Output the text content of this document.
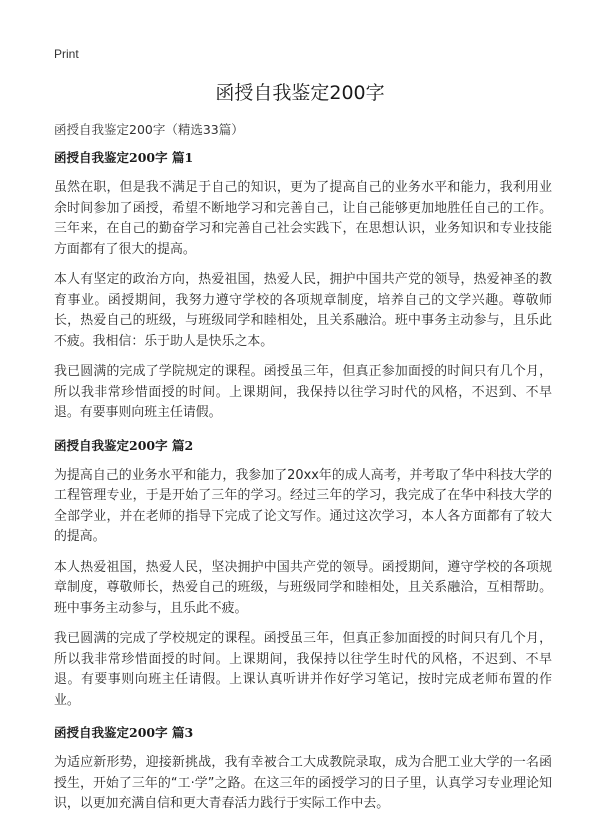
Print
函授自我鉴定200字

函授自我鉴定200字（精选33篇）

函授自我鉴定200字 篇1

虽然在职，但是我不满足于自己的知识，更为了提高自己的业务水平和能力，我利用业余时间参加了函授，希望不断地学习和完善自己，让自己能够更加地胜任自己的工作。三年来，在自己的勤奋学习和完善自己社会实践下，在思想认识，业务知识和专业技能方面都有了很大的提高。

本人有坚定的政治方向，热爱祖国，热爱人民，拥护中国共产党的领导，热爱神圣的教育事业。函授期间，我努力遵守学校的各项规章制度，培养自己的文学兴趣。尊敬师长，热爱自己的班级，与班级同学和睦相处，且关系融洽。班中事务主动参与，且乐此不疲。我相信：乐于助人是快乐之本。

我已圆满的完成了学院规定的课程。函授虽三年，但真正参加面授的时间只有几个月，所以我非常珍惜面授的时间。上课期间，我保持以往学习时代的风格，不迟到、不早退。有要事则向班主任请假。

函授自我鉴定200字 篇2

为提高自己的业务水平和能力，我参加了20xx年的成人高考，并考取了华中科技大学的工程管理专业，于是开始了三年的学习。经过三年的学习，我完成了在华中科技大学的全部学业，并在老师的指导下完成了论文写作。通过这次学习，本人各方面都有了较大的提高。

本人热爱祖国，热爱人民，坚决拥护中国共产党的领导。函授期间，遵守学校的各项规章制度，尊敬师长，热爱自己的班级，与班级同学和睦相处，且关系融洽，互相帮助。班中事务主动参与，且乐此不疲。

我已圆满的完成了学校规定的课程。函授虽三年，但真正参加面授的时间只有几个月，所以我非常珍惜面授的时间。上课期间，我保持以往学生时代的风格，不迟到、不早退。有要事则向班主任请假。上课认真听讲并作好学习笔记，按时完成老师布置的作业。

函授自我鉴定200字 篇3

为适应新形势，迎接新挑战，我有幸被合工大成教院录取，成为合肥工业大学的一名函授生，开始了三年的“工·学”之路。在这三年的函授学习的日子里，认真学习专业理论知识，以更加充满自信和更大青春活力践行于实际工作中去。
